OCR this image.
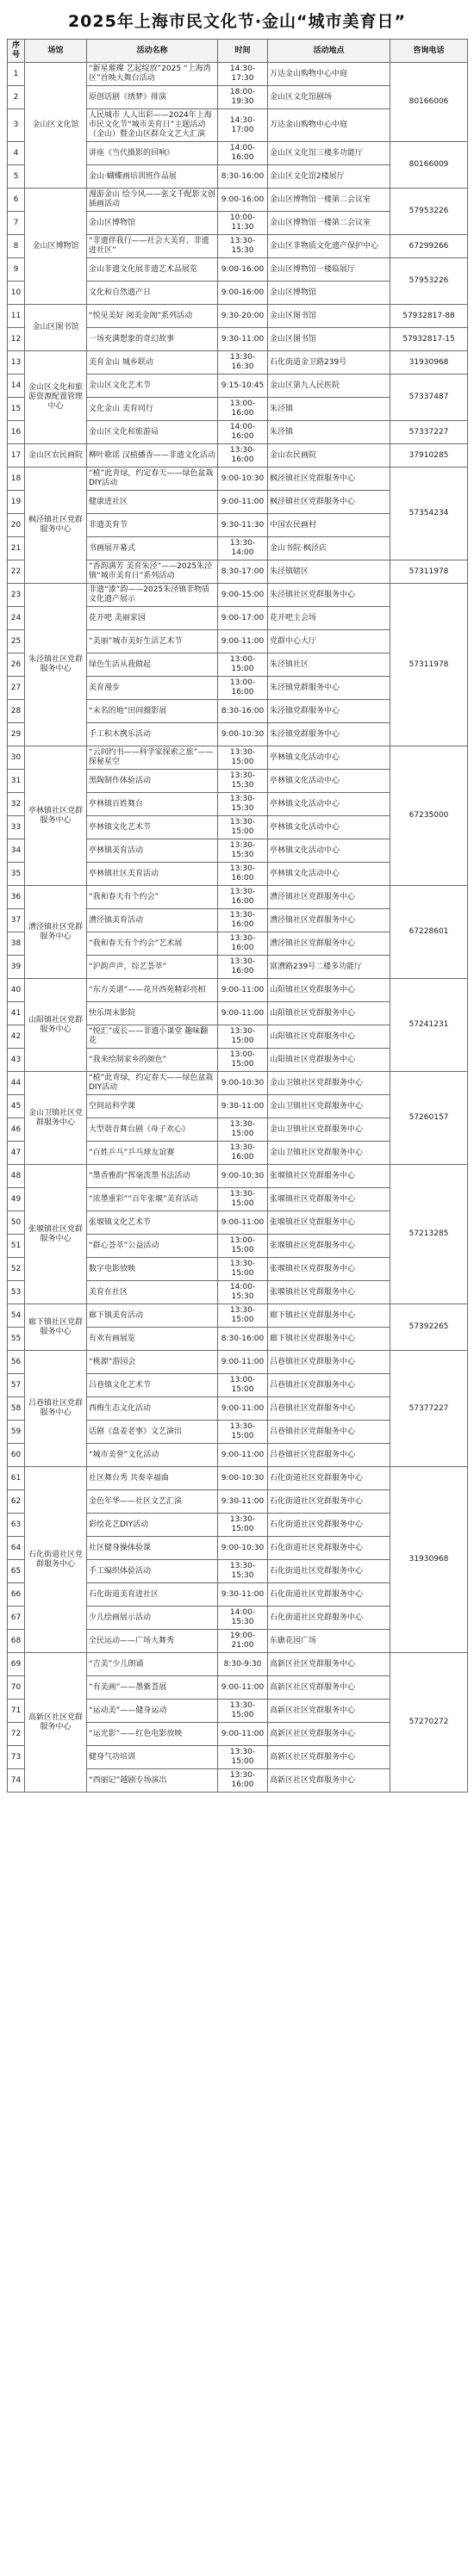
2025年上海市民文化节·金山“城市美育日”
序号	场馆	活动名称	时间	活动地点	咨询电话
1	金山区文化馆	“新星璀璨 艺起绽放”2025 “上海湾区”首映大舞台活动	14:30-17:30	万达金山购物中心中庭	80166006
2		原创话剧《绣梦》排演	18:00-19:30	金山区文化馆剧场	
3		人民城市 人人出彩——2024年上海市民文化节“城市美育日”主题活动（金山）暨金山区群众文艺大汇演	14:30-17:00	万达金山购物中心中庭	
4		讲座《当代摄影的回响》	14:00-16:00	金山区文化馆三楼多功能厅	80166009
5		金山·蝴蝶画培训班作品展	8:30-16:00	金山区文化馆2楼展厅	
6	金山区博物馆	漫游金山 绘今风——张文千配影文创插画活动	9:00-16:00	金山区博物馆一楼第二会议室	57953226
7		金山区博物馆	10:00-11:30	金山区博物馆一楼第二会议室	
8		“非遗伴我行——社会大美育、非遗进社区”	13:30-15:30	金山区非物质文化遗产保护中心	67299266
9		金山非遗文化展非遗艺术品展览	9:00-16:00	金山区博物馆一楼临展厅	57953226
10		文化和自然遗产日	9:00-16:00	金山区博物馆	
11	金山区图书馆	“悦见美好 阅美金阁”系列活动	9:30-20:00	金山区图书馆	57932817-88
12		一场充满想象的奇幻故事	9:30-11:00	金山区图书馆	57932817-15
13	金山区文化和旅游资源配置管理中心	美育金山 城乡联动	13:30-16:30	石化街道金卫路239号	31930968
14		金山区文化艺术节	9:15-10:45	金山区第九人民医院	57337487
15		文化金山 美育同行	13:00-16:00	朱泾镇	
16		金山区文化和旅游局	14:00-16:00	朱泾镇	57337227
17	金山区农民画院	柳叶歌谣 汉植播香——非遗文化活动	13:30-16:00	金山农民画院	37910285
18	枫泾镇社区党群服务中心	“植”此青绿，约定春天——绿色盆栽DIY活动	9:00-10:30	枫泾镇社区党群服务中心	57354234
19		健康进社区	9:00-11:00	枫泾镇社区党群服务中心	
20		非遗美育节	9:30-11:30	中国农民画村	
21		书画展开幕式	13:30-14:00	金山书院·枫泾店	
22		“香韵满芳 美育朱泾”——2025朱泾镇“城市美育日”系列活动	8:30-17:00	朱泾镇辖区	57311978
23	朱泾镇社区党群服务中心	非遗“漆”韵——2025朱泾镇非物质文化遗产展示	9:00-15:00	朱泾镇社区党群服务中心	57311978
24		花开吧 美丽家园	9:00-17:00	花开吧主会场	
25		“美丽”城市美好生活艺术节	9:00-11:00	党群中心大厅	
26		绿色生活从我做起	13:00-15:00	朱泾镇社区	
27		美育漫步	13:00-16:00	朱泾镇党群服务中心	
28		“未名的地”田间摄影展	8:30-16:00	朱泾镇党群服务中心	
29		手工积木携乐活动	9:00-10:30	朱泾镇党群服务中心	
30	亭林镇社区党群服务中心	“云间约书——科学家探索之旅”——探秘星空	13:30-15:00	亭林镇文化活动中心	67235000
31		黑陶制作体验活动	13:30-15:30	亭林镇文化活动中心	
32		亭林镇百姓舞台	13:30-15:30	亭林镇文化活动中心	
33		亭林镇文化艺术节	13:30-15:00	亭林镇文化活动中心	
34		亭林镇美育活动	13:30-15:30	亭林镇文化活动中心	
35		亭林镇社区美育活动	13:30-16:00	亭林镇文化活动中心	
36	漕泾镇社区党群服务中心	“我和春天有个约会”	13:30-16:00	漕泾镇社区党群服务中心	67228601
37		漕泾镇美育活动	13:30-16:00	漕泾镇社区党群服务中心	
38		“我和春天有个约会”艺术展	13:30-16:00	漕泾镇社区党群服务中心	
39		“沪韵声声，综艺荟萃”	13:30-16:00	富漕路239号二楼多功能厅	
40	山阳镇社区党群服务中心	“东方美谱”——花开西苑精彩亮相	9:00-11:00	山阳镇社区党群服务中心	57241231
41		快乐周末影院	9:00-11:00	山阳镇社区党群服务中心	
42		“悦汇”成长——非遗小课堂 趣味翻花	13:30-15:00	山阳镇社区党群服务中心	
43		“我来绘制家乡的颜色”	13:00-15:00	山阳镇社区党群服务中心	
44	金山卫镇社区党群服务中心	“植”此青绿，约定春天——绿色盆栽DIY活动	9:00-10:30	金山卫镇社区党群服务中心	57260157
45		空间站科学课	9:30-11:00	金山卫镇社区党群服务中心	
46		大型谐音舞台剧《母子欢心》	13:30-15:00	金山卫镇社区党群服务中心	
47		“百姓乒乓”乒乓球友谊赛	13:30-16:00	金山卫镇社区党群服务中心	
48	张堰镇社区党群服务中心	“墨香雅韵”挥毫泼墨书法活动	9:00-10:30	张堰镇社区党群服务中心	57213285
49		“浓墨重彩”“百年张堰”美育活动	13:30-15:00	张堰镇社区党群服务中心	
50		张堰镇文化艺术节	9:00-11:00	张堰镇社区党群服务中心	
51		“群心荟萃”公益活动	13:00-15:00	张堰镇社区党群服务中心	
52		数字电影放映	13:30-15:00	张堰镇社区党群服务中心	
53		美育在社区	14:00-15:30	张堰镇社区党群服务中心	
54	廊下镇社区党群服务中心	廊下镇美育活动	13:30-15:00	廊下镇社区党群服务中心	57392265
55		有欢有画展览	8:30-16:00	廊下镇社区党群服务中心	
56	吕巷镇社区党群服务中心	“桃源”游园会	9:00-11:00	吕巷镇社区党群服务中心	57377227
57		吕巷镇文化艺术节	13:00-15:00	吕巷镇社区党群服务中心	
58		西梅生态文化活动	9:00-11:00	吕巷镇社区党群服务中心	
59		话剧《盘姜老事》文艺演出	13:30-15:00	吕巷镇社区党群服务中心	
60		“城市美誉”文化活动	9:00-11:00	吕巷镇社区党群服务中心	
61	石化街道社区党群服务中心	社区舞台秀 共奏幸福曲	9:00-10:30	石化街道社区党群服务中心	31930968
62		金色年华——社区文艺汇演	9:30-11:00	石化街道社区党群服务中心	
63		彩绘花艺DIY活动	13:30-15:00	石化街道社区党群服务中心	
64		社区健身操体验课	9:00-10:30	石化街道社区党群服务中心	
65		手工编织体验活动	13:30-15:30	石化街道社区党群服务中心	
66		石化街道美育进社区	9:30-11:00	石化街道社区党群服务中心	
67		少儿绘画展示活动	14:00-15:30	石化街道社区党群服务中心	
68		全民运动——广场大舞秀	19:00-21:00	东礁花园广场	
69	高新区社区党群服务中心	“吉美”少儿朗诵	8:30-9:30	高新区社区党群服务中心	57270272
70		“有美画”——墨紫荟展	9:00-11:00	高新区社区党群服务中心	
71		“运动美”——健身运动	13:30-15:00	高新区社区党群服务中心	
72		“运光影”——红色电影放映	9:00-11:00	高新区社区党群服务中心	
73		健身气功培训	13:30-15:00	高新区社区党群服务中心	
74		“西丽记”越剧专场演出	13:30-16:00	高新区社区党群服务中心	
